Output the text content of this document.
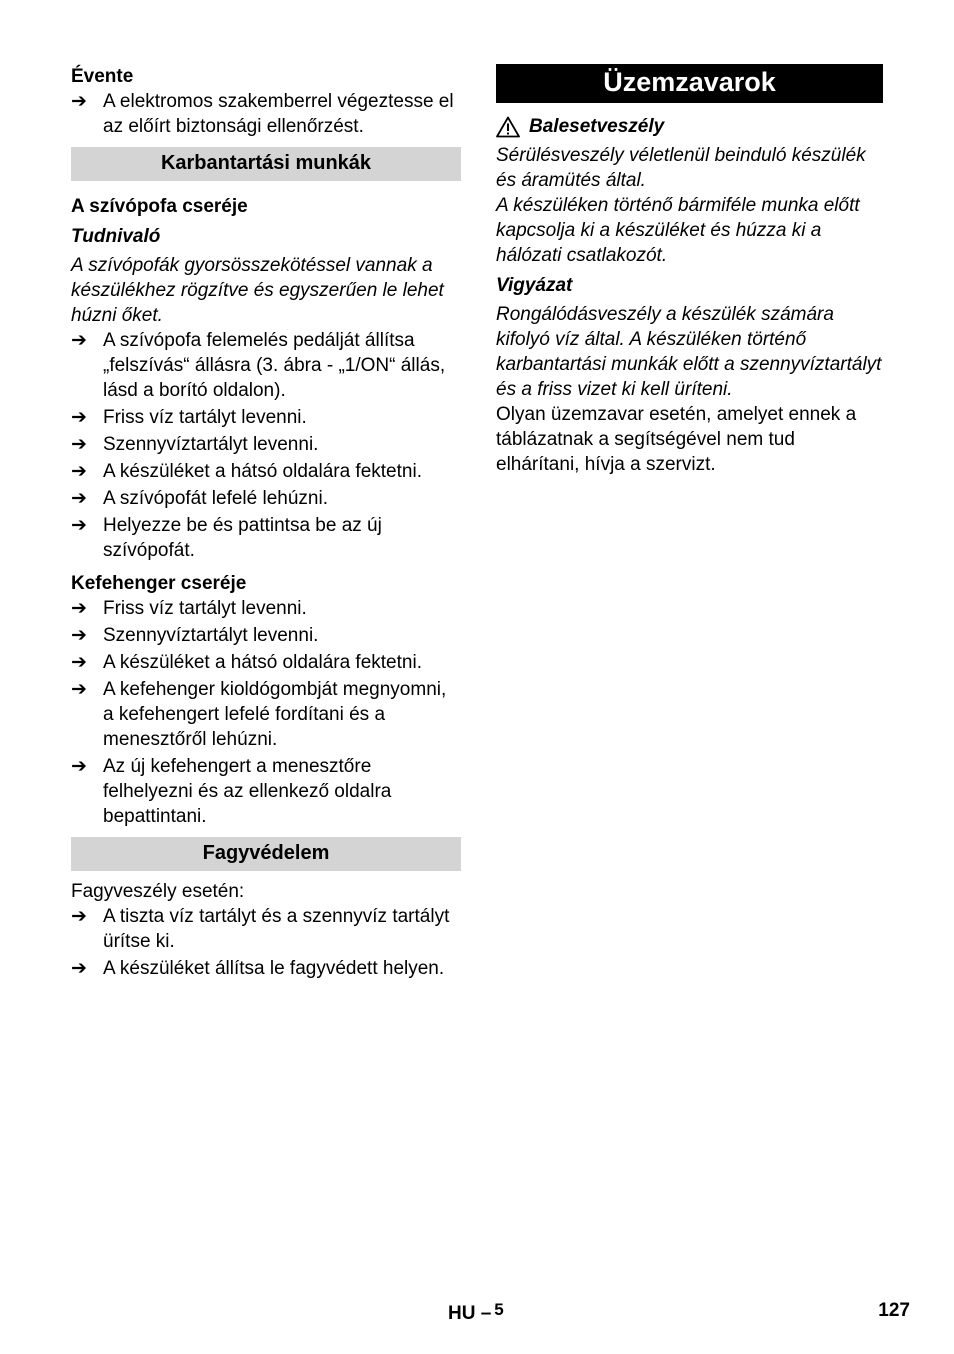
Évente

➔ A elektromos szakemberrel végeztesse el az előírt biztonsági ellenőrzést.
Karbantartási munkák

A szívópofa cseréje

Tudnivaló

A szívópofák gyorsösszekötéssel vannak a készülékhez rögzítve és egyszerűen le lehet húzni őket.

➔ A szívópofa felemelés pedálját állítsa „felszívás“ állásra (3. ábra - „1/ON“ állás, lásd a borító oldalon).
➔ Friss víz tartályt levenni.
➔ Szennyvíztartályt levenni.
➔ A készüléket a hátsó oldalára fektetni.
➔ A szívópofát lefelé lehúzni.
➔ Helyezze be és pattintsa be az új szívópofát.

Kefehenger cseréje

➔ Friss víz tartályt levenni.
➔ Szennyvíztartályt levenni.
➔ A készüléket a hátsó oldalára fektetni.
➔ A kefehenger kioldógombját megnyomni, a kefehengert lefelé fordítani és a menesztőről lehúzni.
➔ Az új kefehengert a menesztőre felhelyezni és az ellenkező oldalra bepattintani.
Fagyvédelem

Fagyveszély esetén:

➔ A tiszta víz tartályt és a szennyvíz tartályt ürítse ki.
➔ A készüléket állítsa le fagyvédett helyen.
Üzemzavarok
Balesetveszély

Sérülésveszély véletlenül beinduló készülék és áramütés által.

A készüléken történő bármiféle munka előtt kapcsolja ki a készüléket és húzza ki a hálózati csatlakozót.

Vigyázat

Rongálódásveszély a készülék számára kifolyó víz által. A készüléken történő karbantartási munkák előtt a szennyvíztartályt és a friss vizet ki kell üríteni.

Olyan üzemzavar esetén, amelyet ennek a táblázatnak a segítségével nem tud elhárítani, hívja a szervizt.

HU – $^5$	127
